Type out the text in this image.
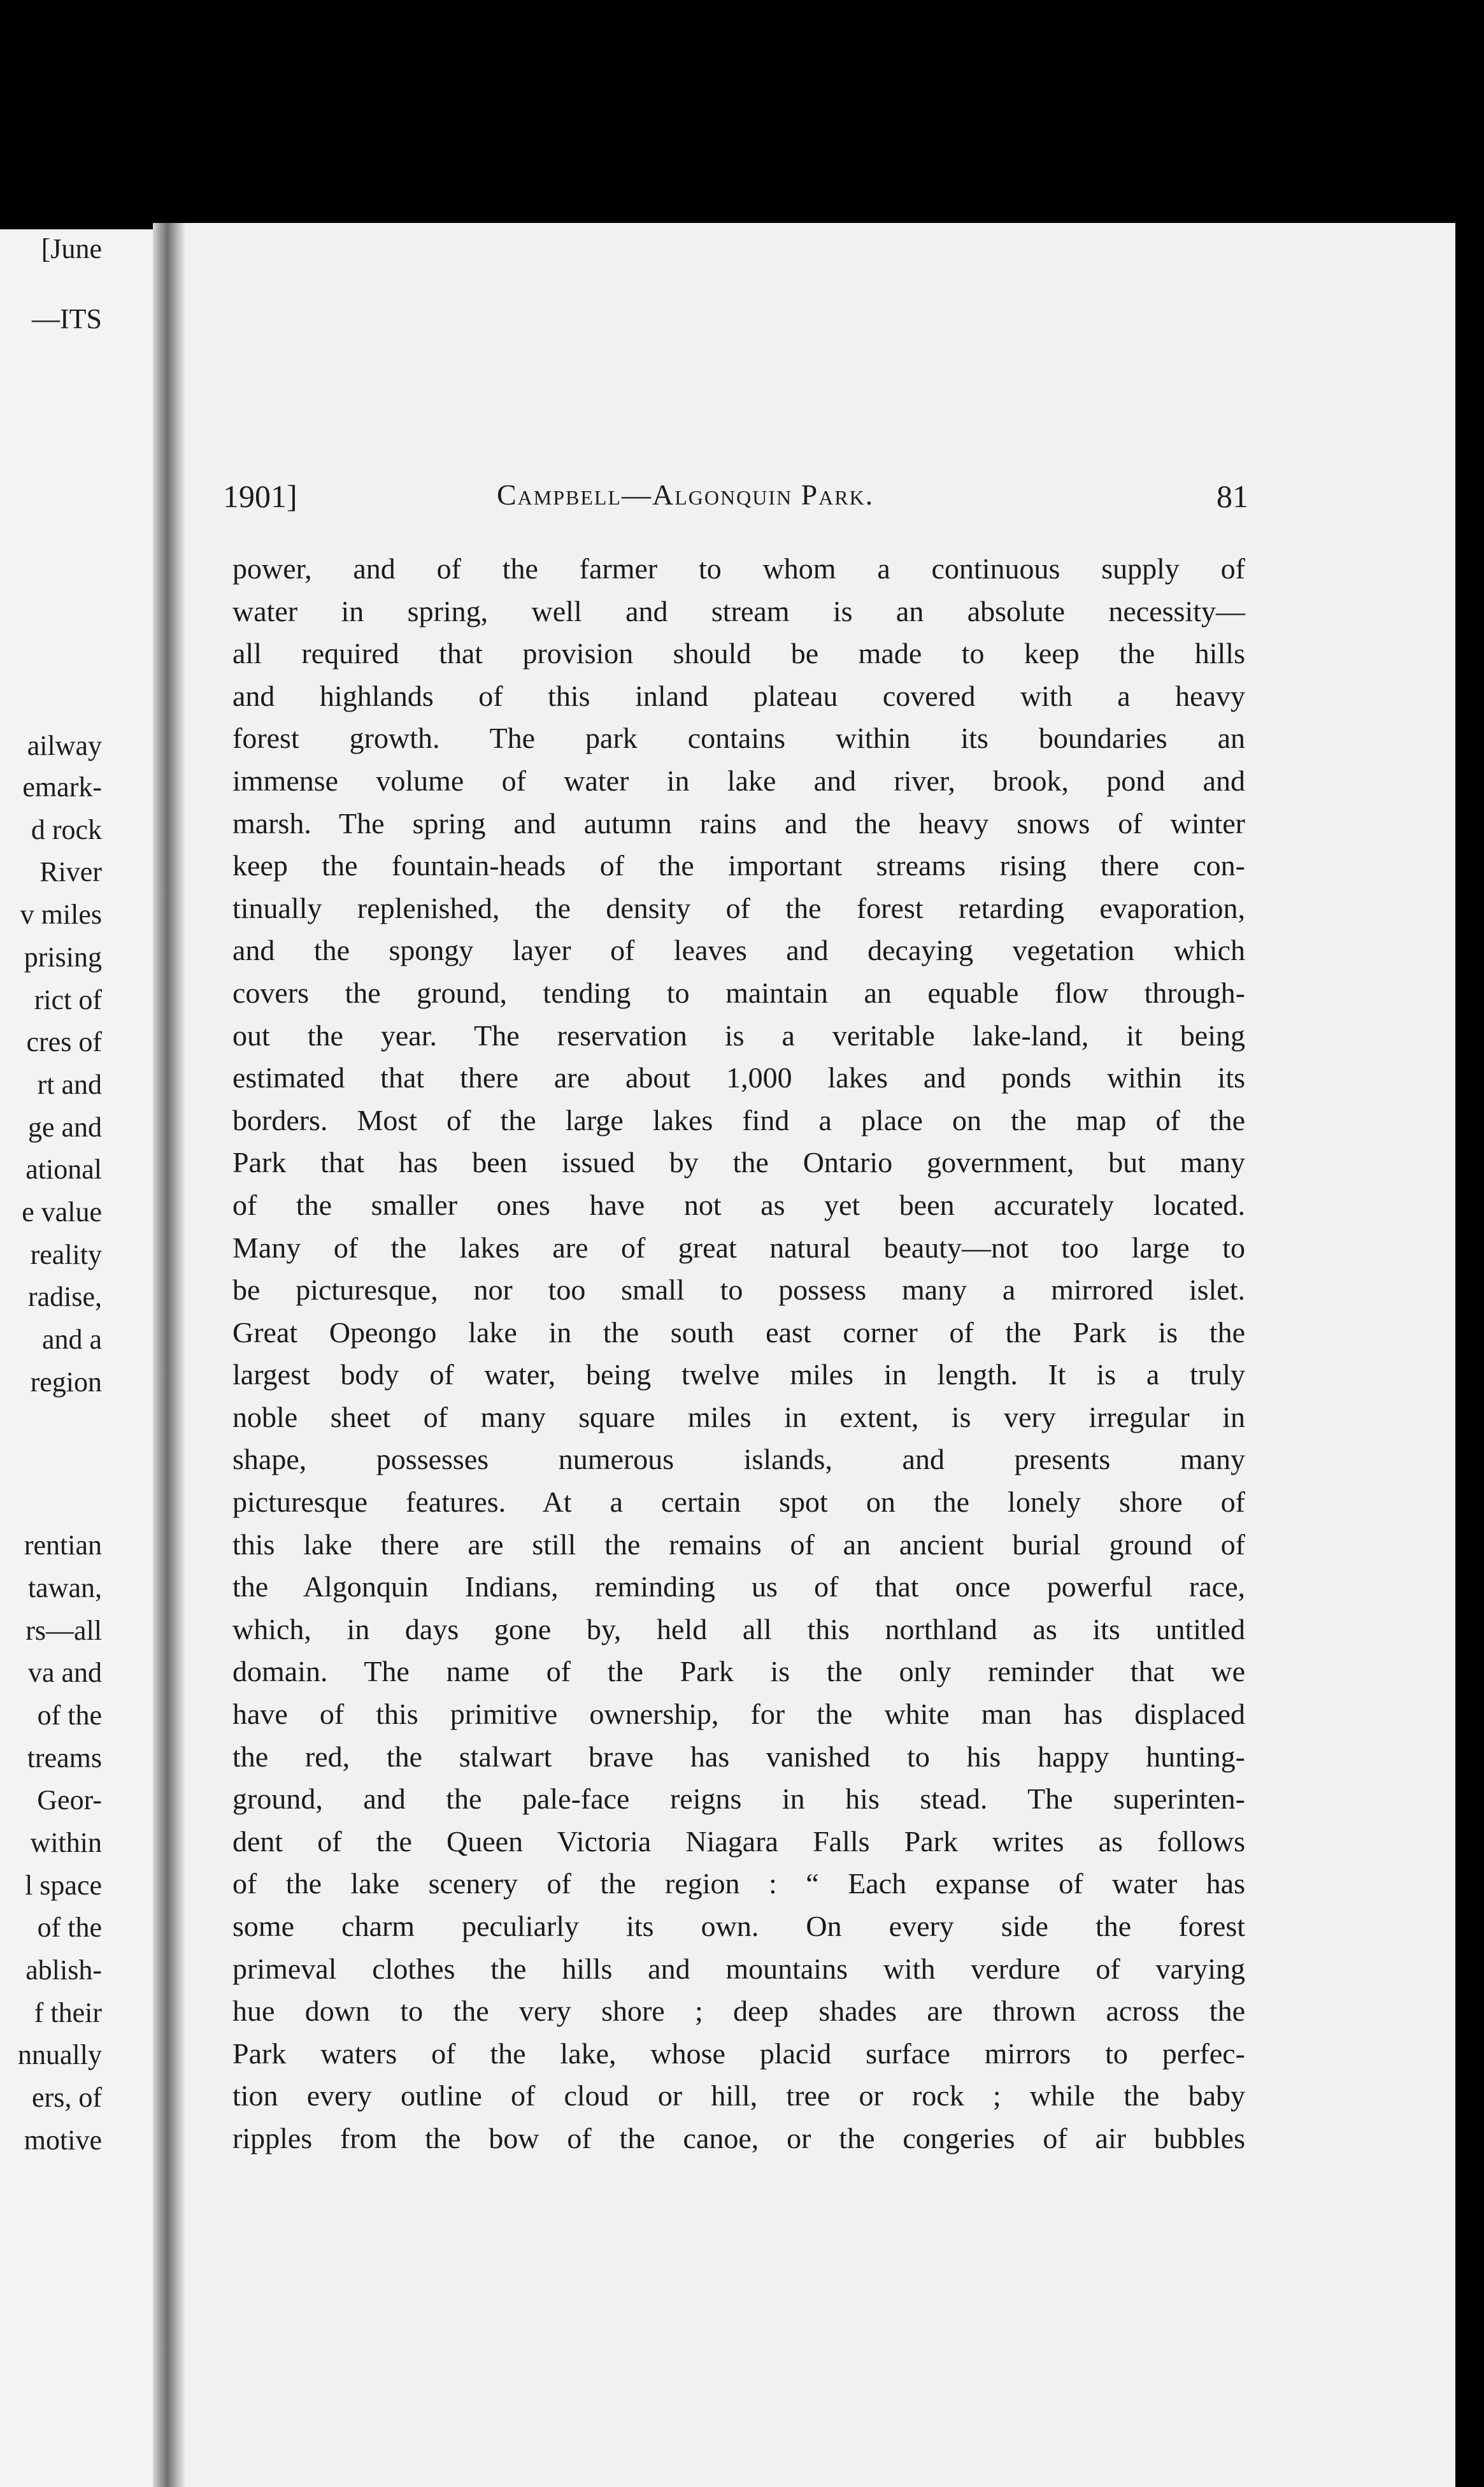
[June
—ITS
ailway
emark-
d rock
River
v miles
prising
rict of
cres of
rt and
ge and
ational
e value
reality
radise,
and a
region
rentian
tawan,
rs—all
va and
of the
treams
Geor-
within
l space
of the
ablish-
f their
nnually
ers, of
motive
1901]	Campbell—Algonquin Park.	81
power, and of the farmer to whom a continuous supply of
water in spring, well and stream is an absolute necessity—
all required that provision should be made to keep the hills
and highlands of this inland plateau covered with a heavy
forest growth. The park contains within its boundaries an
immense volume of water in lake and river, brook, pond and
marsh. The spring and autumn rains and the heavy snows of winter
keep the fountain-heads of the important streams rising there con-
tinually replenished, the density of the forest retarding evaporation,
and the spongy layer of leaves and decaying vegetation which
covers the ground, tending to maintain an equable flow through-
out the year. The reservation is a veritable lake-land, it being
estimated that there are about 1,000 lakes and ponds within its
borders. Most of the large lakes find a place on the map of the
Park that has been issued by the Ontario government, but many
of the smaller ones have not as yet been accurately located.
Many of the lakes are of great natural beauty—not too large to
be picturesque, nor too small to possess many a mirrored islet.
Great Opeongo lake in the south east corner of the Park is the
largest body of water, being twelve miles in length. It is a truly
noble sheet of many square miles in extent, is very irregular in
shape, possesses numerous islands, and presents many
picturesque features. At a certain spot on the lonely shore of
this lake there are still the remains of an ancient burial ground of
the Algonquin Indians, reminding us of that once powerful race,
which, in days gone by, held all this northland as its untitled
domain. The name of the Park is the only reminder that we
have of this primitive ownership, for the white man has displaced
the red, the stalwart brave has vanished to his happy hunting-
ground, and the pale-face reigns in his stead. The superinten-
dent of the Queen Victoria Niagara Falls Park writes as follows
of the lake scenery of the region : “ Each expanse of water has
some charm peculiarly its own. On every side the forest
primeval clothes the hills and mountains with verdure of varying
hue down to the very shore ; deep shades are thrown across the
Park waters of the lake, whose placid surface mirrors to perfec-
tion every outline of cloud or hill, tree or rock ; while the baby
ripples from the bow of the canoe, or the congeries of air bubbles
